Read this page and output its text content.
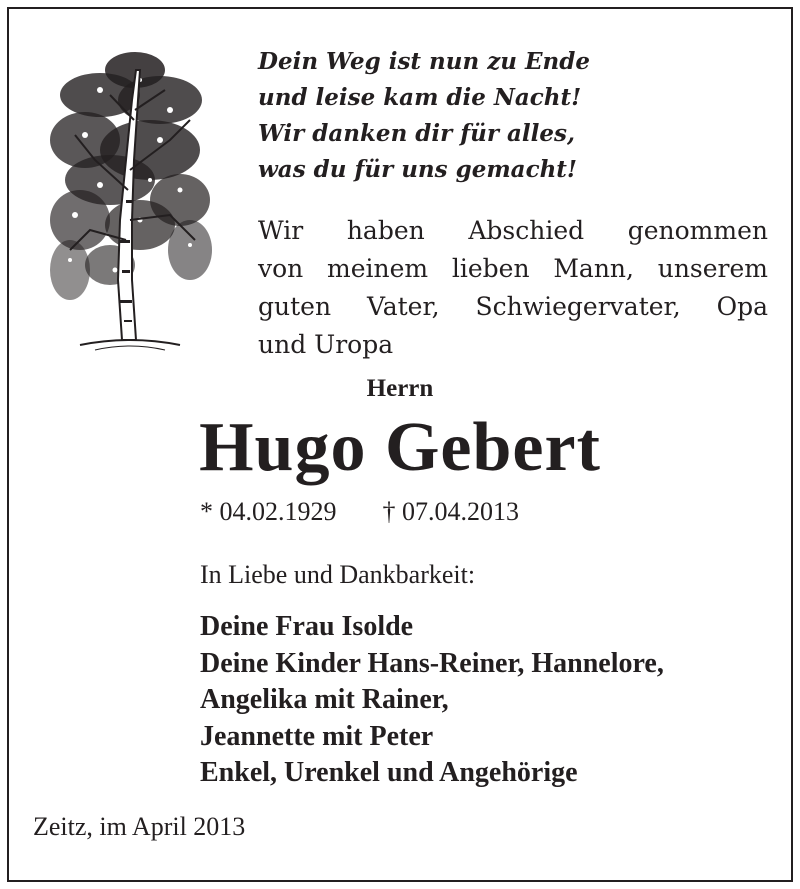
Dein Weg ist nun zu Ende
und leise kam die Nacht!
Wir danken dir für alles,
was du für uns gemacht!
Wir haben Abschied genommen
von meinem lieben Mann, unserem
guten Vater, Schwiegervater, Opa
und Uropa
Herrn
Hugo Gebert
* 04.02.1929 † 07.04.2013
In Liebe und Dankbarkeit:
Deine Frau Isolde
Deine Kinder Hans-Reiner, Hannelore,
Angelika mit Rainer,
Jeannette mit Peter
Enkel, Urenkel und Angehörige
Zeitz, im April 2013
